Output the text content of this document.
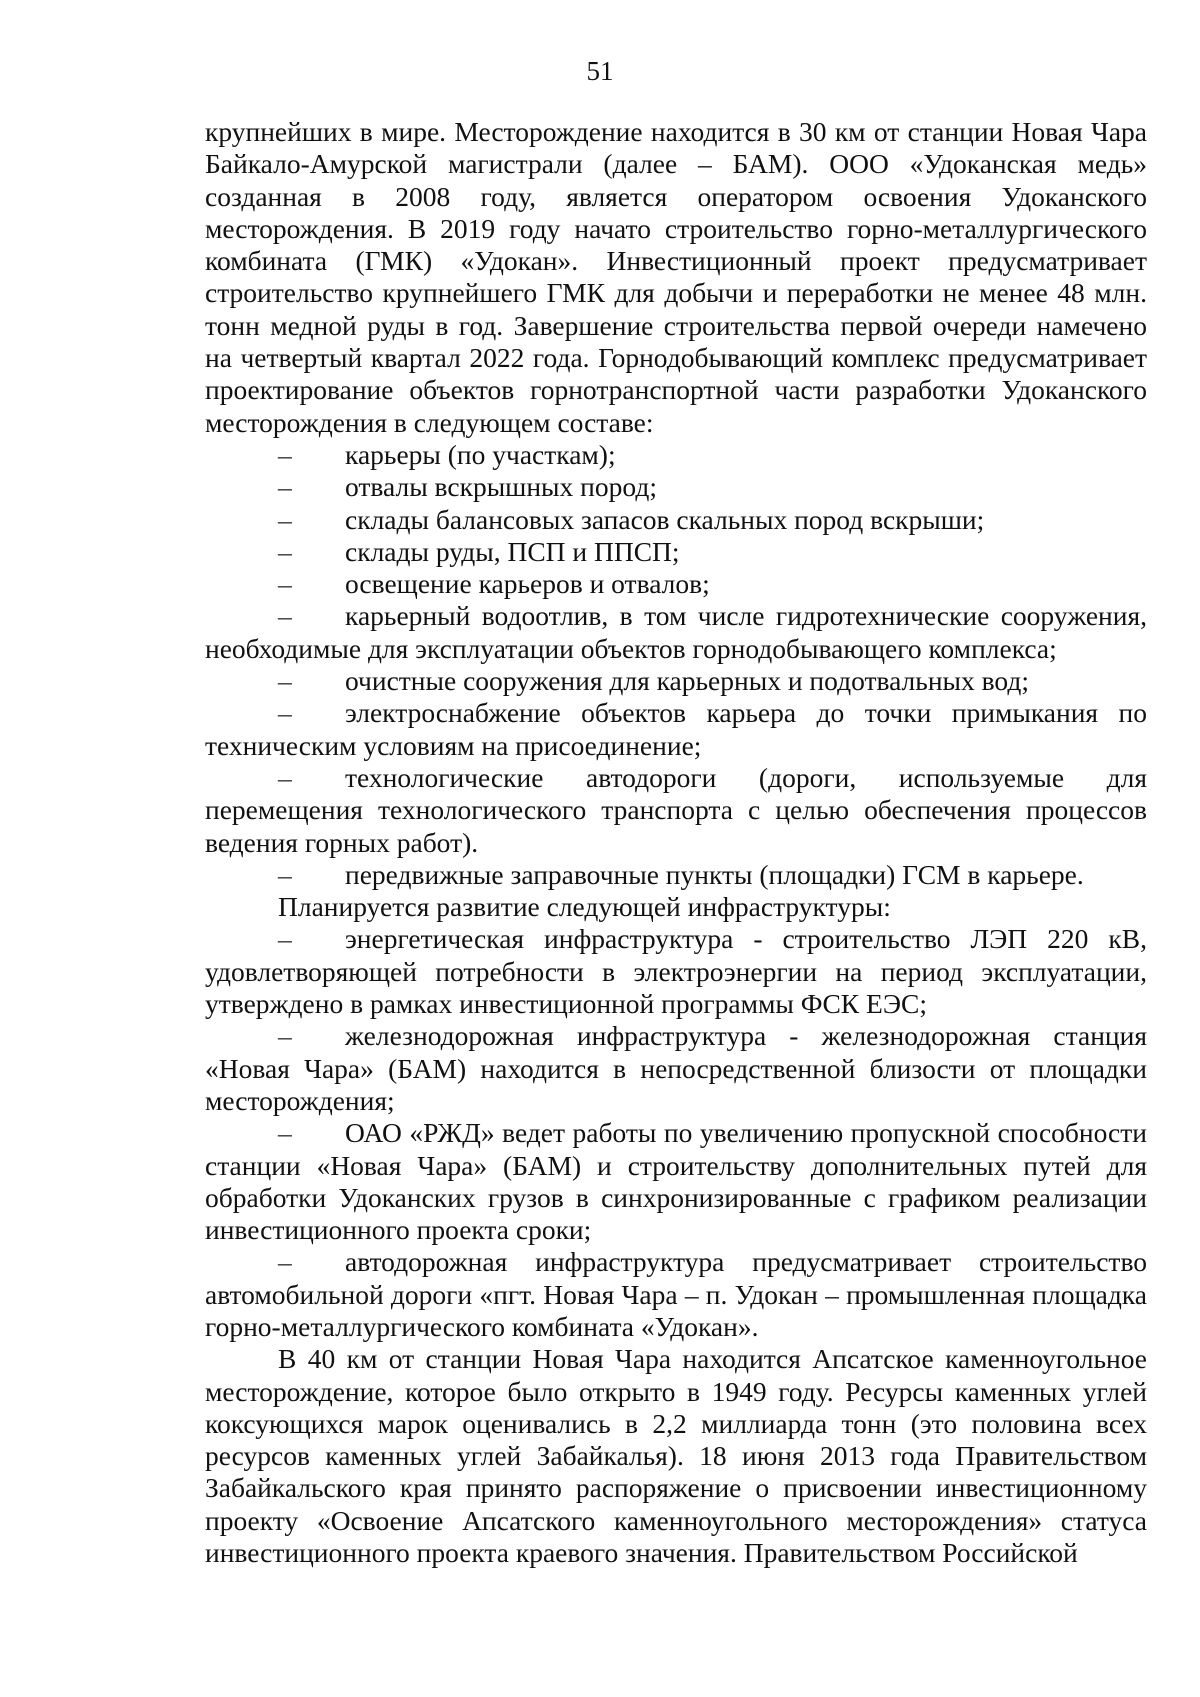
51

крупнейших в мире. Месторождение находится в 30 км от станции Новая Чара Байкало-Амурской магистрали (далее – БАМ). ООО «Удоканская медь» созданная в 2008 году, является оператором освоения Удоканского месторождения. В 2019 году начато строительство горно-металлургического комбината (ГМК) «Удокан». Инвестиционный проект предусматривает строительство крупнейшего ГМК для добычи и переработки не менее 48 млн. тонн медной руды в год. Завершение строительства первой очереди намечено на четвертый квартал 2022 года. Горнодобывающий комплекс предусматривает проектирование объектов горнотранспортной части разработки Удоканского месторождения в следующем составе:

– карьеры (по участкам);

– отвалы вскрышных пород;

– склады балансовых запасов скальных пород вскрыши;

– склады руды, ПСП и ППСП;

– освещение карьеров и отвалов;

– карьерный водоотлив, в том числе гидротехнические сооружения, необходимые для эксплуатации объектов горнодобывающего комплекса;

– очистные сооружения для карьерных и подотвальных вод;

– электроснабжение объектов карьера до точки примыкания по техническим условиям на присоединение;

– технологические автодороги (дороги, используемые для перемещения технологического транспорта с целью обеспечения процессов ведения горных работ).

– передвижные заправочные пункты (площадки) ГСМ в карьере.

Планируется развитие следующей инфраструктуры:

– энергетическая инфраструктура - строительство ЛЭП 220 кВ, удовлетворяющей потребности в электроэнергии на период эксплуатации, утверждено в рамках инвестиционной программы ФСК ЕЭС;

– железнодорожная инфраструктура - железнодорожная станция «Новая Чара» (БАМ) находится в непосредственной близости от площадки месторождения;

– ОАО «РЖД» ведет работы по увеличению пропускной способности станции «Новая Чара» (БАМ) и строительству дополнительных путей для обработки Удоканских грузов в синхронизированные с графиком реализации инвестиционного проекта сроки;

– автодорожная инфраструктура предусматривает строительство автомобильной дороги «пгт. Новая Чара – п. Удокан – промышленная площадка горно-металлургического комбината «Удокан».

В 40 км от станции Новая Чара находится Апсатское каменноугольное месторождение, которое было открыто в 1949 году. Ресурсы каменных углей коксующихся марок оценивались в 2,2 миллиарда тонн (это половина всех ресурсов каменных углей Забайкалья). 18 июня 2013 года Правительством Забайкальского края принято распоряжение о присвоении инвестиционному проекту «Освоение Апсатского каменноугольного месторождения» статуса инвестиционного проекта краевого значения. Правительством Российской
